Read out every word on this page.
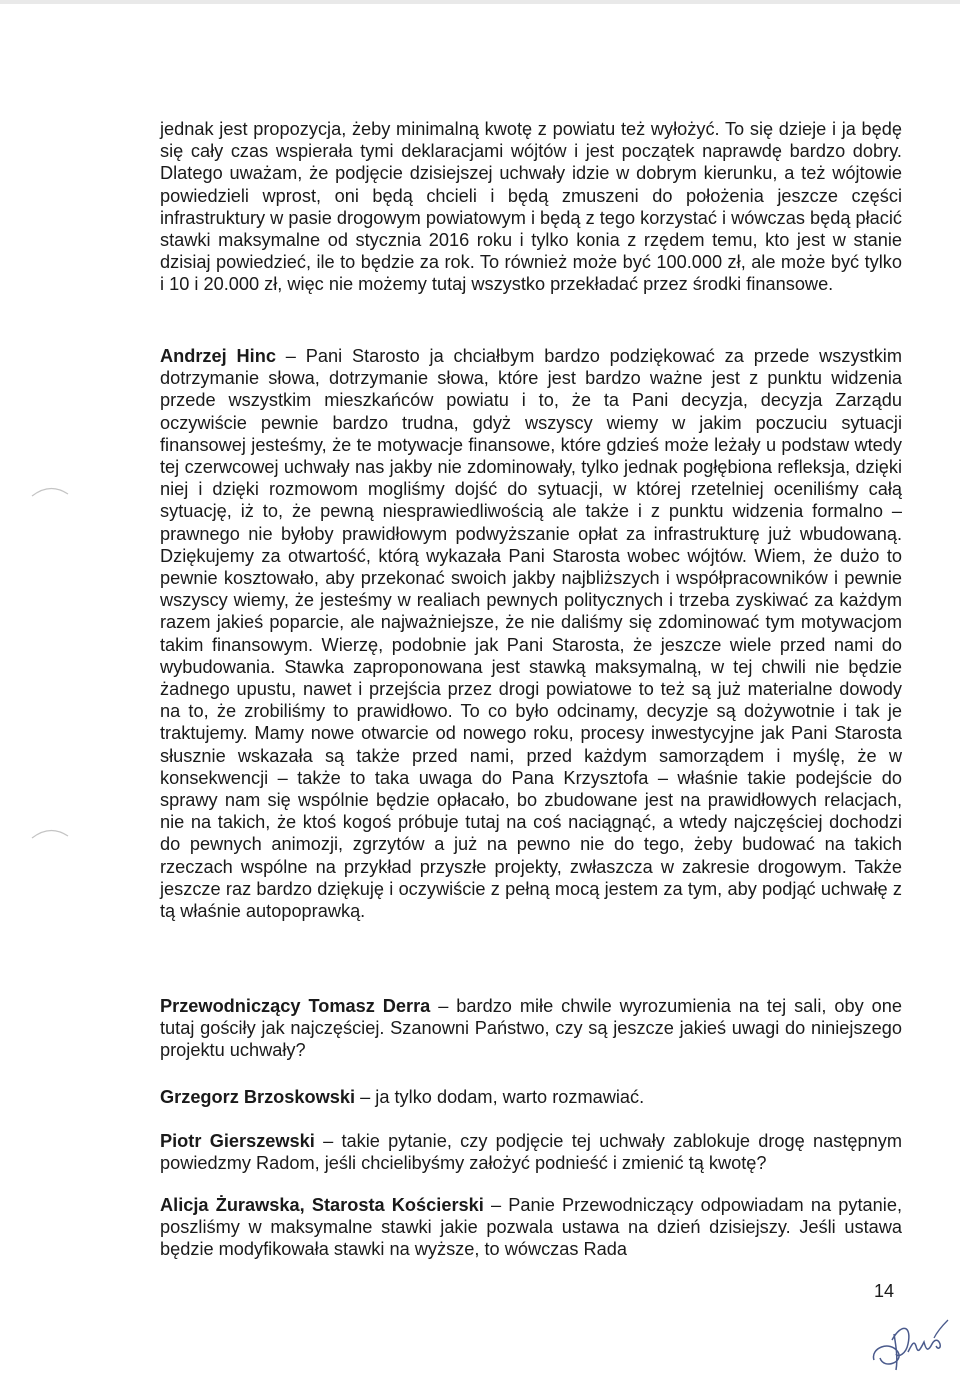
jednak jest propozycja, żeby minimalną kwotę z powiatu też wyłożyć. To się dzieje i ja będę się cały czas wspierała tymi deklaracjami wójtów i jest początek naprawdę bardzo dobry. Dlatego uważam, że podjęcie dzisiejszej uchwały idzie w dobrym kierunku, a też wójtowie powiedzieli wprost, oni będą chcieli i będą zmuszeni do położenia jeszcze części infrastruktury w pasie drogowym powiatowym i będą z tego korzystać i wówczas będą płacić stawki maksymalne od stycznia 2016 roku i tylko konia z rzędem temu, kto jest w stanie dzisiaj powiedzieć, ile to będzie za rok. To również może być 100.000 zł, ale może być tylko i 10 i 20.000 zł, więc nie możemy tutaj wszystko przekładać przez środki finansowe.

Andrzej Hinc – Pani Starosto ja chciałbym bardzo podziękować za przede wszystkim dotrzymanie słowa, dotrzymanie słowa, które jest bardzo ważne jest z punktu widzenia przede wszystkim mieszkańców powiatu i to, że ta Pani decyzja, decyzja Zarządu oczywiście pewnie bardzo trudna, gdyż wszyscy wiemy w jakim poczuciu sytuacji finansowej jesteśmy, że te motywacje finansowe, które gdzieś może leżały u podstaw wtedy tej czerwcowej uchwały nas jakby nie zdominowały, tylko jednak pogłębiona refleksja, dzięki niej i dzięki rozmowom mogliśmy dojść do sytuacji, w której rzetelniej oceniliśmy całą sytuację, iż to, że pewną niesprawiedliwością ale także i z punktu widzenia formalno – prawnego nie byłoby prawidłowym podwyższanie opłat za infrastrukturę już wbudowaną. Dziękujemy za otwartość, którą wykazała Pani Starosta wobec wójtów. Wiem, że dużo to pewnie kosztowało, aby przekonać swoich jakby najbliższych i współpracowników i pewnie wszyscy wiemy, że jesteśmy w realiach pewnych politycznych i trzeba zyskiwać za każdym razem jakieś poparcie, ale najważniejsze, że nie daliśmy się zdominować tym motywacjom takim finansowym. Wierzę, podobnie jak Pani Starosta, że jeszcze wiele przed nami do wybudowania. Stawka zaproponowana jest stawką maksymalną, w tej chwili nie będzie żadnego upustu, nawet i przejścia przez drogi powiatowe to też są już materialne dowody na to, że zrobiliśmy to prawidłowo. To co było odcinamy, decyzje są dożywotnie i tak je traktujemy. Mamy nowe otwarcie od nowego roku, procesy inwestycyjne jak Pani Starosta słusznie wskazała są także przed nami, przed każdym samorządem i myślę, że w konsekwencji – także to taka uwaga do Pana Krzysztofa – właśnie takie podejście do sprawy nam się wspólnie będzie opłacało, bo zbudowane jest na prawidłowych relacjach, nie na takich, że ktoś kogoś próbuje tutaj na coś naciągnąć, a wtedy najczęściej dochodzi do pewnych animozji, zgrzytów a już na pewno nie do tego, żeby budować na takich rzeczach wspólne na przykład przyszłe projekty, zwłaszcza w zakresie drogowym. Także jeszcze raz bardzo dziękuję i oczywiście z pełną mocą jestem za tym, aby podjąć uchwałę z tą właśnie autopoprawką.

Przewodniczący Tomasz Derra – bardzo miłe chwile wyrozumienia na tej sali, oby one tutaj gościły jak najczęściej. Szanowni Państwo, czy są jeszcze jakieś uwagi do niniejszego projektu uchwały?

Grzegorz Brzoskowski – ja tylko dodam, warto rozmawiać.

Piotr Gierszewski – takie pytanie, czy podjęcie tej uchwały zablokuje drogę następnym powiedzmy Radom, jeśli chcielibyśmy założyć podnieść i zmienić tą kwotę?

Alicja Żurawska, Starosta Kościerski – Panie Przewodniczący odpowiadam na pytanie, poszliśmy w maksymalne stawki jakie pozwala ustawa na dzień dzisiejszy. Jeśli ustawa będzie modyfikowała stawki na wyższe, to wówczas Rada

14
